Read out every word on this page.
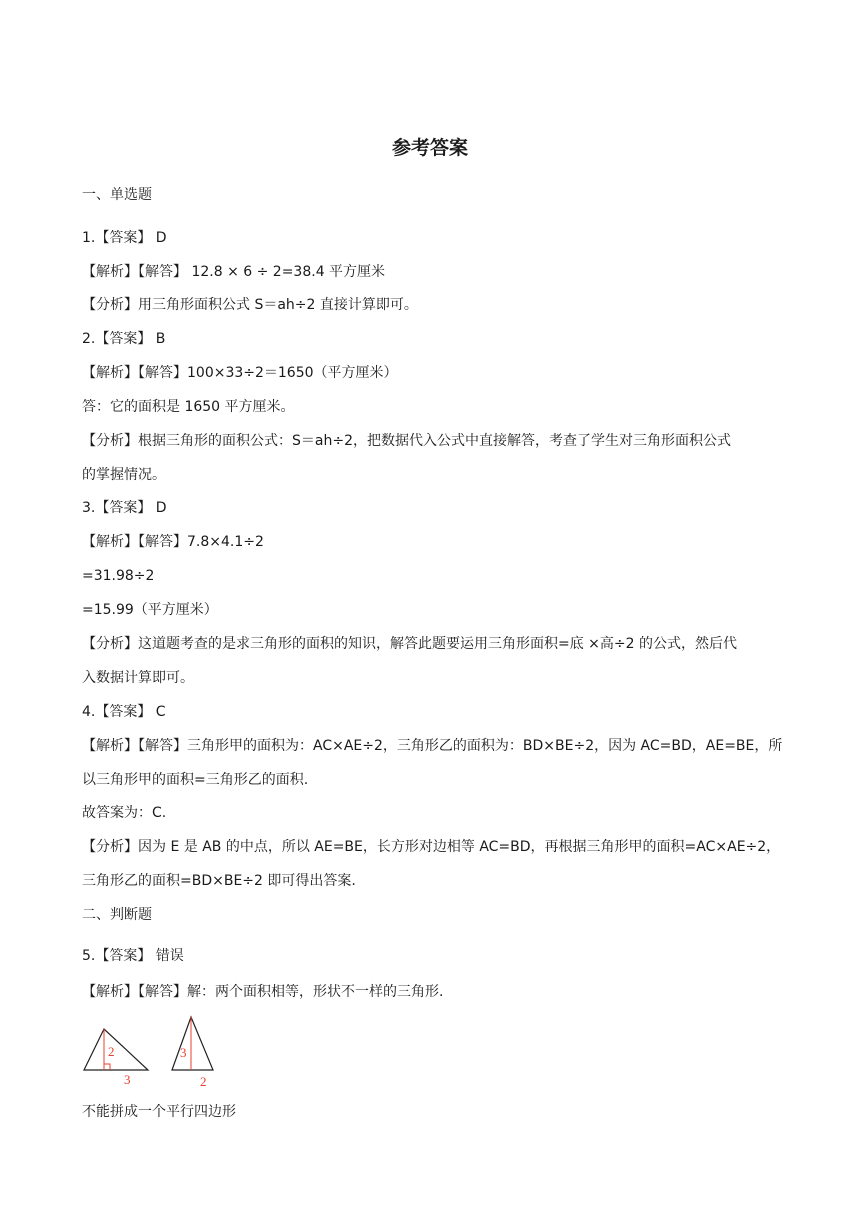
参考答案
一、单选题
1.【答案】 D
【解析】【解答】 12.8 × 6 ÷ 2=38.4 平方厘米
【分析】用三角形面积公式 S＝ah÷2 直接计算即可。
2.【答案】 B
【解析】【解答】100×33÷2＝1650（平方厘米）
答：它的面积是 1650 平方厘米。
【分析】根据三角形的面积公式：S＝ah÷2，把数据代入公式中直接解答，考查了学生对三角形面积公式
的掌握情况。
3.【答案】 D
【解析】【解答】7.8×4.1÷2
=31.98÷2
=15.99（平方厘米）
【分析】这道题考查的是求三角形的面积的知识，解答此题要运用三角形面积=底 ×高÷2 的公式，然后代
入数据计算即可。
4.【答案】 C
【解析】【解答】三角形甲的面积为：AC×AE÷2，三角形乙的面积为：BD×BE÷2，因为 AC=BD，AE=BE，所
以三角形甲的面积=三角形乙的面积.
故答案为：C.
【分析】因为 E 是 AB 的中点，所以 AE=BE，长方形对边相等 AC=BD，再根据三角形甲的面积=AC×AE÷2，
三角形乙的面积=BD×BE÷2 即可得出答案.
二、判断题
5.【答案】 错误
【解析】【解答】解：两个面积相等，形状不一样的三角形.
2
3
3
2
不能拼成一个平行四边形
